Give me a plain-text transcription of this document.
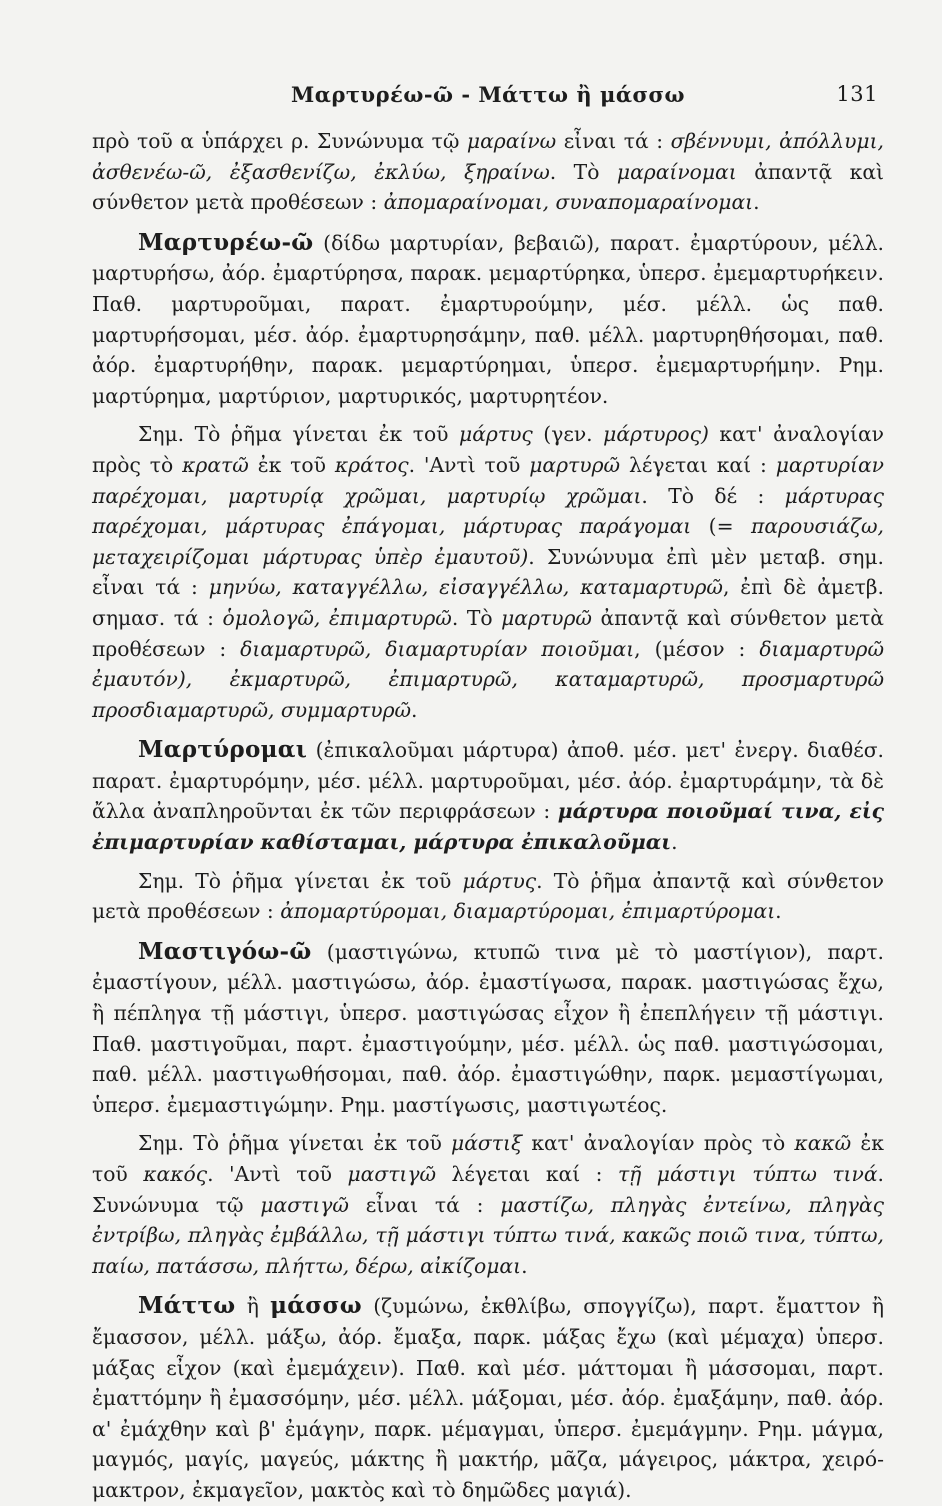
Μαρτυρέω-ῶ - Μάττω ἢ μάσσω	131

πρὸ τοῦ α ὑπάρχει ρ. Συνώνυμα τῷ μαραίνω εἶναι τά : σβέννυμι, ἀπόλλυμι, ἀσθενέω-ῶ, ἐξασθενίζω, ἐκλύω, ξηραίνω. Τὸ μαραίνομαι ἀπαντᾷ καὶ σύνθετον μετὰ προθέσεων : ἀπομαραίνομαι, συναπομαραίνομαι.

Μαρτυρέω-ῶ (δίδω μαρτυρίαν, βεβαιῶ), παρατ. ἐμαρτύρουν, μέλλ. μαρτυρήσω, ἀόρ. ἐμαρτύρησα, παρακ. μεμαρτύρηκα, ὑπερσ. ἐμεμαρτυρήκειν. Παθ. μαρτυροῦμαι, παρατ. ἐμαρτυρούμην, μέσ. μέλλ. ὡς παθ. μαρτυρήσομαι, μέσ. ἀόρ. ἐμαρτυρησάμην, παθ. μέλλ. μαρτυρηθήσομαι, παθ. ἀόρ. ἐμαρτυρήθην, παρακ. μεμαρτύρημαι, ὑπερσ. ἐμεμαρτυρήμην. Ρημ. μαρτύρημα, μαρτύριον, μαρτυρικός, μαρτυρητέον.

Σημ. Τὸ ῥῆμα γίνεται ἐκ τοῦ μάρτυς (γεν. μάρτυρος) κατ' ἀναλογίαν πρὸς τὸ κρατῶ ἐκ τοῦ κράτος. 'Αντὶ τοῦ μαρτυρῶ λέγεται καί : μαρτυρίαν παρέχομαι, μαρτυρίᾳ χρῶμαι, μαρτυρίῳ χρῶμαι. Τὸ δέ : μάρτυρας παρέχομαι, μάρτυρας ἐπάγομαι, μάρτυρας παράγομαι (= παρουσιάζω, μεταχειρίζομαι μάρτυρας ὑπὲρ ἐμαυτοῦ). Συνώνυμα ἐπὶ μὲν μεταβ. σημ. εἶναι τά : μηνύω, καταγγέλλω, εἰσαγγέλλω, καταμαρτυρῶ, ἐπὶ δὲ ἀμετβ. σημασ. τά : ὁμολογῶ, ἐπιμαρτυρῶ. Τὸ μαρτυρῶ ἀπαντᾷ καὶ σύνθετον μετὰ προθέσεων : διαμαρτυρῶ, διαμαρτυρίαν ποιοῦμαι, (μέσον : διαμαρτυρῶ ἐμαυτόν), ἐκμαρτυρῶ, ἐπιμαρτυρῶ, καταμαρτυρῶ, προσμαρτυρῶ προσδιαμαρτυρῶ, συμμαρτυρῶ.

Μαρτύρομαι (ἐπικαλοῦμαι μάρτυρα) ἀποθ. μέσ. μετ' ἐνεργ. διαθέσ. παρατ. ἐμαρτυρόμην, μέσ. μέλλ. μαρτυροῦμαι, μέσ. ἀόρ. ἐμαρτυράμην, τὰ δὲ ἄλλα ἀναπληροῦνται ἐκ τῶν περιφράσεων : μάρτυρα ποιοῦμαί τινα, εἰς ἐπιμαρτυρίαν καθίσταμαι, μάρτυρα ἐπικαλοῦμαι.

Σημ. Τὸ ῥῆμα γίνεται ἐκ τοῦ μάρτυς. Τὸ ῥῆμα ἀπαντᾷ καὶ σύνθετον μετὰ προθέσεων : ἀπομαρτύρομαι, διαμαρτύρομαι, ἐπιμαρτύρομαι.

Μαστιγόω-ῶ (μαστιγώνω, κτυπῶ τινα μὲ τὸ μαστίγιον), παρτ. ἐμαστίγουν, μέλλ. μαστιγώσω, ἀόρ. ἐμαστίγωσα, παρακ. μαστιγώσας ἔχω, ἢ πέπληγα τῇ μάστιγι, ὑπερσ. μαστιγώσας εἶχον ἢ ἐπεπλήγειν τῇ μάστιγι. Παθ. μαστιγοῦμαι, παρτ. ἐμαστιγούμην, μέσ. μέλλ. ὡς παθ. μαστιγώσομαι, παθ. μέλλ. μαστιγωθήσομαι, παθ. ἀόρ. ἐμαστιγώθην, παρκ. μεμαστίγωμαι, ὑπερσ. ἐμεμαστιγώμην. Ρημ. μαστίγωσις, μαστιγωτέος.

Σημ. Τὸ ῥῆμα γίνεται ἐκ τοῦ μάστιξ κατ' ἀναλογίαν πρὸς τὸ κακῶ ἐκ τοῦ κακός. 'Αντὶ τοῦ μαστιγῶ λέγεται καί : τῇ μάστιγι τύπτω τινά. Συνώνυμα τῷ μαστιγῶ εἶναι τά : μαστίζω, πληγὰς ἐντείνω, πληγὰς ἐντρίβω, πληγὰς ἐμβάλλω, τῇ μάστιγι τύπτω τινά, κακῶς ποιῶ τινα, τύπτω, παίω, πατάσσω, πλήττω, δέρω, αἰκίζομαι.

Μάττω ἢ μάσσω (ζυμώνω, ἐκθλίβω, σπογγίζω), παρτ. ἔματτον ἢ ἔμασσον, μέλλ. μάξω, ἀόρ. ἔμαξα, παρκ. μάξας ἔχω (καὶ μέμαχα) ὑπερσ. μάξας εἶχον (καὶ ἐμεμάχειν). Παθ. καὶ μέσ. μάττομαι ἢ μάσσομαι, παρτ. ἐματτόμην ἢ ἐμασσόμην, μέσ. μέλλ. μάξομαι, μέσ. ἀόρ. ἐμαξάμην, παθ. ἀόρ. α' ἐμάχθην καὶ β' ἐμάγην, παρκ. μέμαγμαι, ὑπερσ. ἐμεμάγμην. Ρημ. μάγμα, μαγμός, μαγίς, μαγεύς, μάκτης ἢ μακτήρ, μᾶζα, μάγειρος, μάκτρα, χειρό-μακτρον, ἐκμαγεῖον, μακτὸς καὶ τὸ δημῶδες μαγιά).
